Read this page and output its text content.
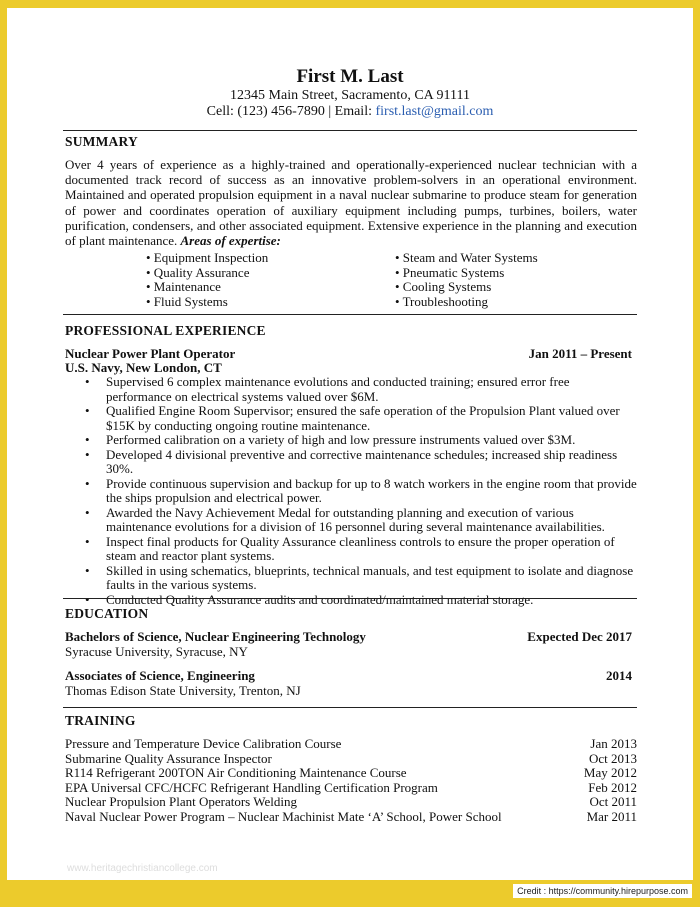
First M. Last
12345 Main Street, Sacramento, CA 91111
Cell: (123) 456-7890 | Email: first.last@gmail.com
SUMMARY
Over 4 years of experience as a highly-trained and operationally-experienced nuclear technician with a documented track record of success as an innovative problem-solvers in an operational environment. Maintained and operated propulsion equipment in a naval nuclear submarine to produce steam for generation of power and coordinates operation of auxiliary equipment including pumps, turbines, boilers, water purification, condensers, and other associated equipment. Extensive experience in the planning and execution of plant maintenance. Areas of expertise:
• Equipment Inspection
• Quality Assurance
• Maintenance
• Fluid Systems
• Steam and Water Systems
• Pneumatic Systems
• Cooling Systems
• Troubleshooting
PROFESSIONAL EXPERIENCE
Nuclear Power Plant Operator	Jan 2011 – Present
U.S. Navy, New London, CT
• Supervised 6 complex maintenance evolutions and conducted training; ensured error free performance on electrical systems valued over $6M.
• Qualified Engine Room Supervisor; ensured the safe operation of the Propulsion Plant valued over $15K by conducting ongoing routine maintenance.
• Performed calibration on a variety of high and low pressure instruments valued over $3M.
• Developed 4 divisional preventive and corrective maintenance schedules; increased ship readiness 30%.
• Provide continuous supervision and backup for up to 8 watch workers in the engine room that provide the ships propulsion and electrical power.
• Awarded the Navy Achievement Medal for outstanding planning and execution of various maintenance evolutions for a division of 16 personnel during several maintenance availabilities.
• Inspect final products for Quality Assurance cleanliness controls to ensure the proper operation of steam and reactor plant systems.
• Skilled in using schematics, blueprints, technical manuals, and test equipment to isolate and diagnose faults in the various systems.
• Conducted Quality Assurance audits and coordinated/maintained material storage.
EDUCATION
Bachelors of Science, Nuclear Engineering Technology	Expected Dec 2017
Syracuse University, Syracuse, NY
Associates of Science, Engineering	2014
Thomas Edison State University, Trenton, NJ
TRAINING
Pressure and Temperature Device Calibration Course	Jan 2013
Submarine Quality Assurance Inspector	Oct 2013
R114 Refrigerant 200TON Air Conditioning Maintenance Course	May 2012
EPA Universal CFC/HCFC Refrigerant Handling Certification Program	Feb 2012
Nuclear Propulsion Plant Operators Welding	Oct 2011
Naval Nuclear Power Program – Nuclear Machinist Mate ‘A’ School, Power School	Mar 2011
www.heritagechristiancollege.com
Credit : https://community.hirepurpose.com
